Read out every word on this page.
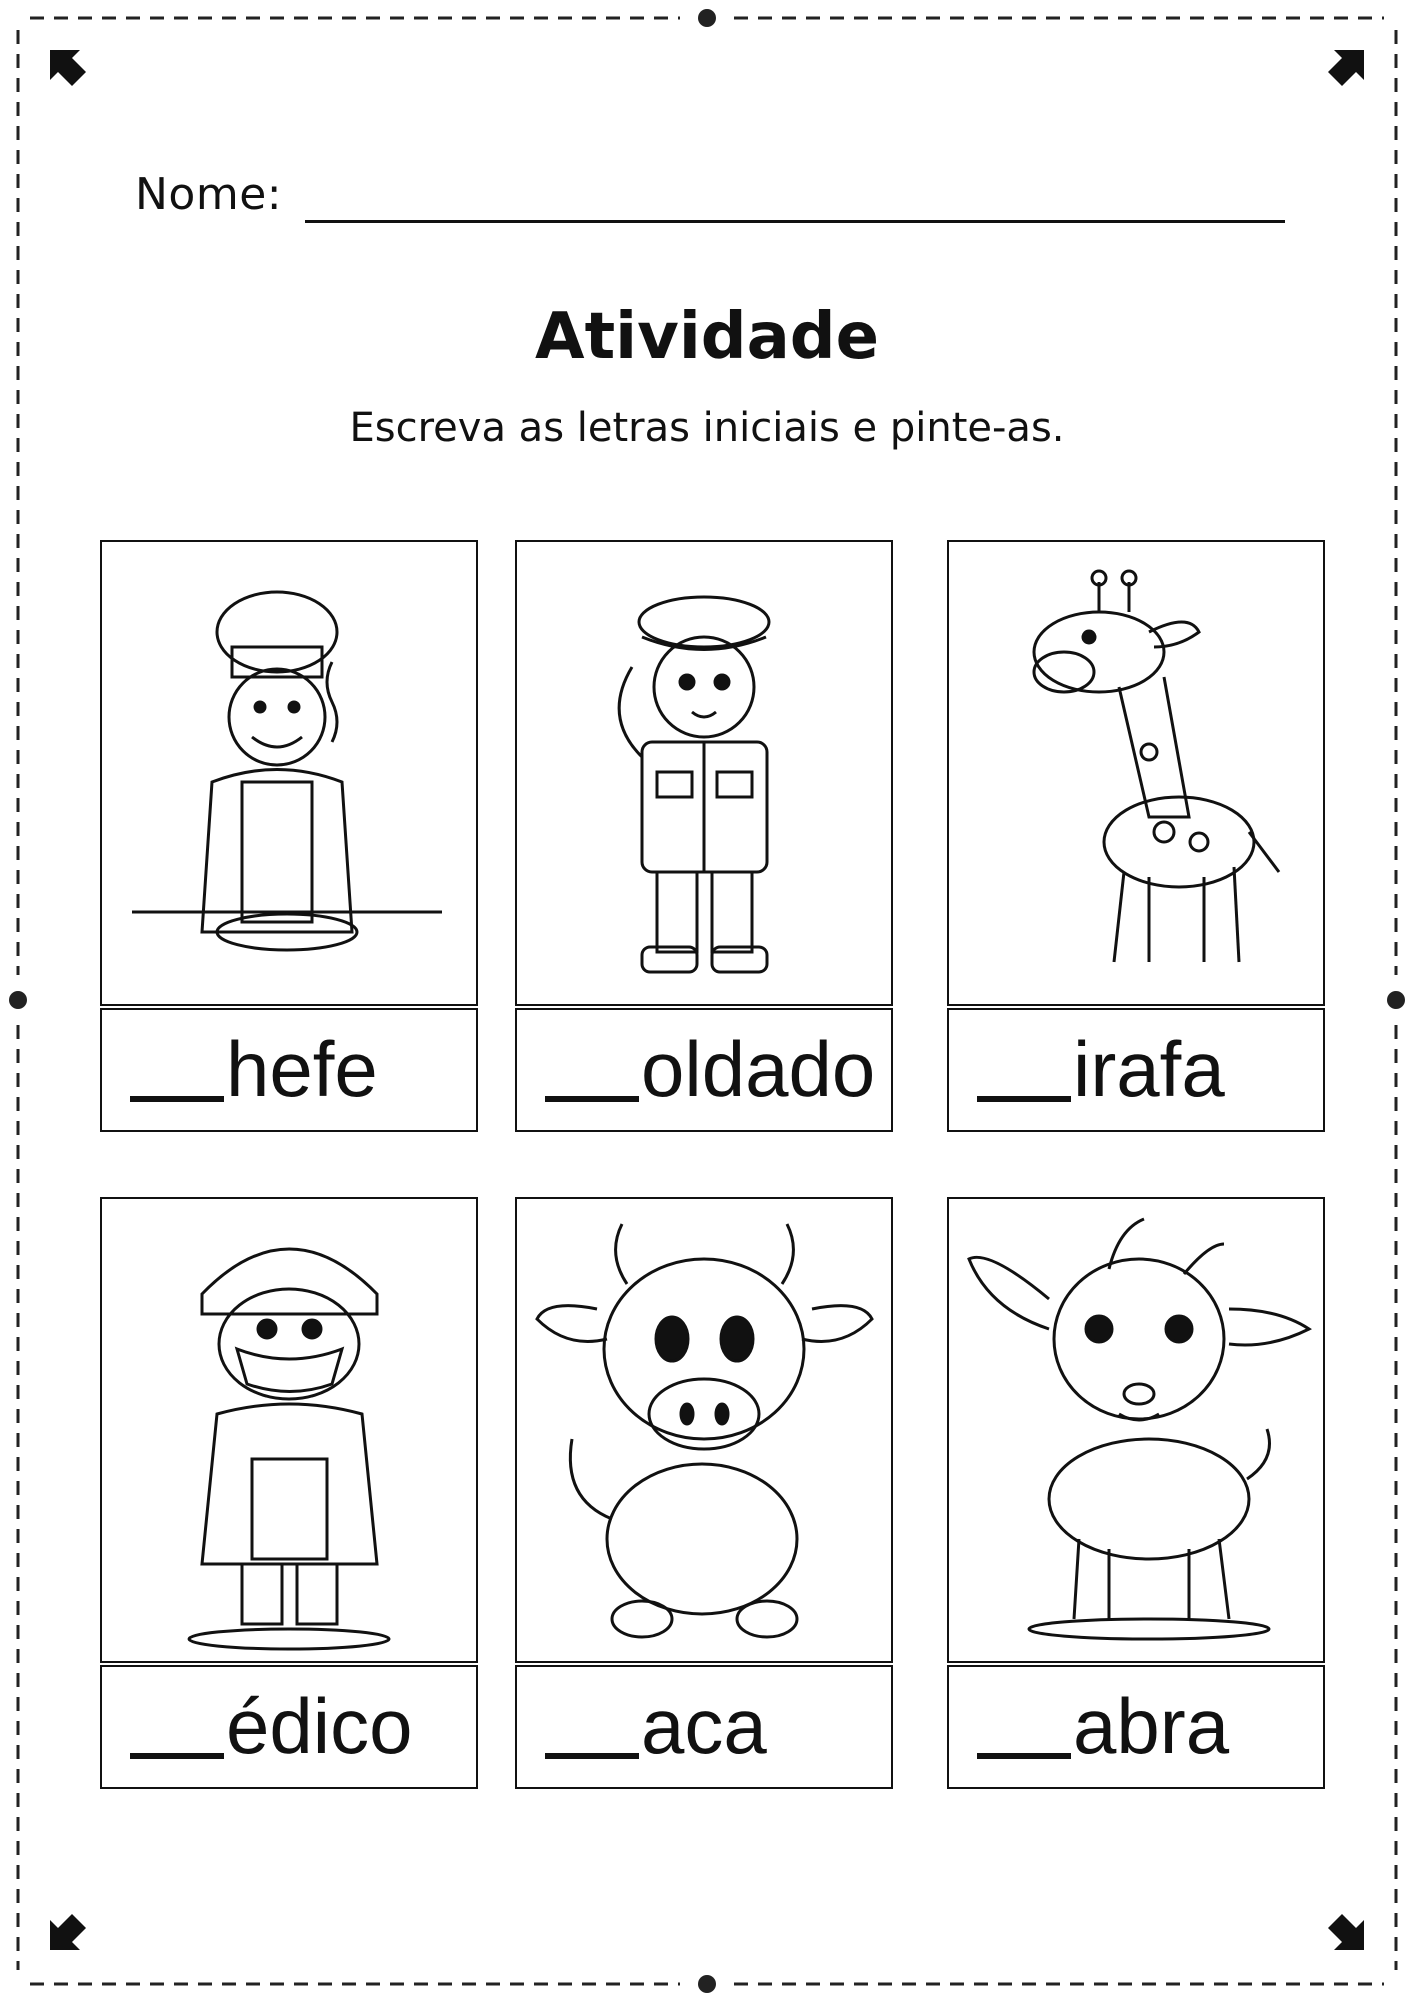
Nome:
Atividade
Escreva as letras iniciais e pinte-as.
hefe	oldado	irafa
édico	aca	abra
